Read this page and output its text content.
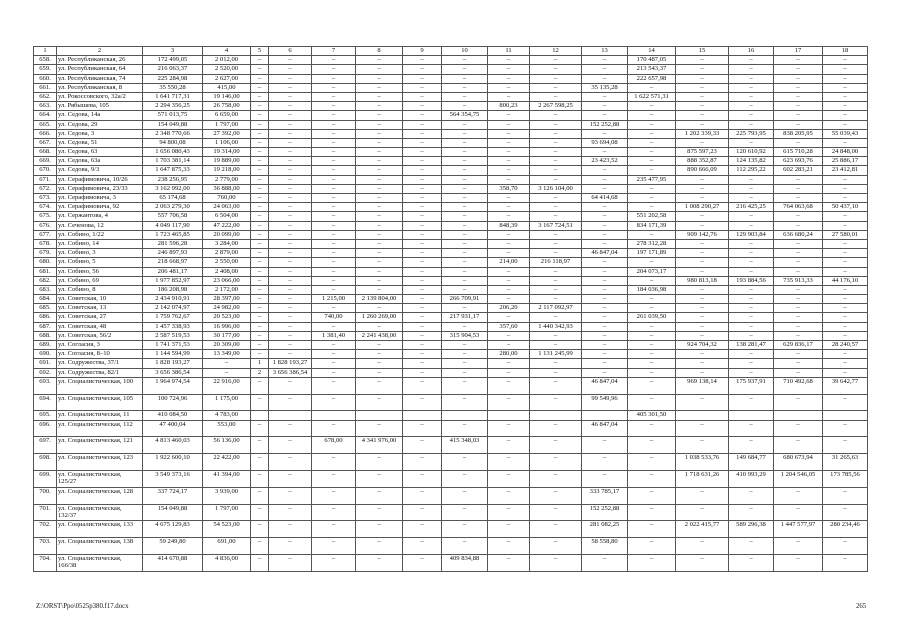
1	2	3	4	5	6	7	8	9	10	11	12	13	14	15	16	17	18
658.	ул. Республиканская, 26	172 499,05	2 012,00	–	–	–	–	–	–	–	–	–	170 487,05	–	–	–	–
659.	ул. Республиканская, 64	216 063,37	2 520,00	–	–	–	–	–	–	–	–	–	213 543,37	–	–	–	–
660.	ул. Республиканская, 74	225 284,98	2 627,00	–	–	–	–	–	–	–	–	–	222 657,98	–	–	–	–
661.	ул. Республиканская, 8	35 550,28	415,00	–	–	–	–	–	–	–	–	35 135,28	–	–	–	–	–
662.	ул. Рокоссовского, 32а/2	1 641 717,31	19 146,00	–	–	–	–	–	–	–	–	–	1 622 571,31	–	–	–	–
663.	ул. Рябышева, 105	2 294 356,25	26 758,00	–	–	–	–	–	–	800,23	2 267 598,25	–	–	–	–	–	–
664.	ул. Седова, 14а	571 013,75	6 659,00	–	–	–	–	–	564 354,75	–	–	–	–	–	–	–	–
665.	ул. Седова, 29	154 049,88	1 797,00	–	–	–	–	–	–	–	–	152 252,88	–	–	–	–	–
666.	ул. Седова, 3	2 348 770,66	27 392,00	–	–	–	–	–	–	–	–	–	–	1 202 339,33	225 793,95	838 205,95	55 039,43
667.	ул. Седова, 51	94 800,08	1 106,00	–	–	–	–	–	–	–	–	93 694,08	–	–	–	–	–
668.	ул. Седова, 63	1 656 080,43	19 314,00	–	–	–	–	–	–	–	–	–	–	875 597,23	120 610,92	615 710,28	24 848,00
669.	ул. Седова, 63а	1 703 381,14	19 889,00	–	–	–	–	–	–	–	–	23 423,52	–	888 352,87	124 135,82	623 693,76	25 886,17
670.	ул. Седова, 9/3	1 647 875,33	19 218,00	–	–	–	–	–	–	–	–	–	–	890 666,09	112 295,22	602 283,21	23 412,81
671.	ул. Серафимовича, 10/26	238 256,95	2 779,00	–	–	–	–	–	–	–	–	–	235 477,95	–	–	–	–
672.	ул. Серафимовича, 23/33	3 162 992,00	36 888,00	–	–	–	–	–	–	358,70	3 126 104,00	–	–	–	–	–	–
673.	ул. Серафимовича, 3	65 174,68	760,00	–	–	–	–	–	–	–	–	64 414,68	–	–	–	–	–
674.	ул. Серафимовича, 92	2 063 279,30	24 063,00	–	–	–	–	–	–	–	–	–	–	1 008 290,27	216 425,25	764 063,68	50 437,10
675.	ул. Сержантова, 4	557 706,58	6 504,00	–	–	–	–	–	–	–	–	–	551 202,58	–	–	–	–
676.	ул. Сеченова, 12	4 049 117,90	47 222,00	–	–	–	–	–	–	848,39	3 167 724,51	–	834 171,39	–	–	–	–
677.	ул. Собино, 1/22	1 723 465,85	20 099,00	–	–	–	–	–	–	–	–	–	–	909 142,76	129 903,84	636 680,24	27 580,01
678.	ул. Собино, 14	281 596,28	3 284,00	–	–	–	–	–	–	–	–	–	278 312,28	–	–	–	–
679.	ул. Собино, 3	246 897,93	2 879,00	–	–	–	–	–	–	–	–	46 847,04	197 171,89	–	–	–	–
680.	ул. Собино, 5	218 668,97	2 550,00	–	–	–	–	–	–	214,00	216 118,97	–	–	–	–	–	–
681.	ул. Собино, 56	206 481,17	2 408,00	–	–	–	–	–	–	–	–	–	204 073,17	–	–	–	–
682.	ул. Собино, 69	1 977 852,97	23 066,00	–	–	–	–	–	–	–	–	–	–	980 813,18	193 884,56	735 913,33	44 176,10
683.	ул. Собино, 8	186 208,98	2 172,00	–	–	–	–	–	–	–	–	–	184 036,98	–	–	–	–
684.	ул. Советская, 10	2 434 910,91	28 397,00	–	–	1 215,00	2 139 804,00	–	266 709,91	–	–	–	–	–	–	–	–
685.	ул. Советская, 13	2 142 074,97	24 982,00	–	–	–	–	–	–	206,20	2 117 092,97	–	–	–	–	–	–
686.	ул. Советская, 27	1 759 762,67	20 523,00	–	–	740,00	1 260 269,00	–	217 931,17	–	–	–	261 039,50	–	–	–	–
687.	ул. Советская, 48	1 457 338,93	16 996,00	–	–	–	–	–	–	357,60	1 440 342,93	–	–	–	–	–	–
688.	ул. Советская, 56/2	2 587 519,53	30 177,00	–	–	1 381,40	2 241 438,00	–	315 904,53	–	–	–	–	–	–	–	–
689.	ул. Согласия, 3	1 741 371,53	20 309,00	–	–	–	–	–	–	–	–	–	–	924 704,32	138 281,47	629 836,17	28 240,57
690.	ул. Согласия, 8–10	1 144 594,99	13 349,00	–	–	–	–	–	–	280,00	1 131 245,99	–	–	–	–	–	–
691.	ул. Содружества, 37/1	1 828 193,27	–	1	1 828 193,27	–	–	–	–	–	–	–	–	–	–	–	–
692.	ул. Содружества, 82/1	3 656 386,54	–	2	3 656 386,54	–	–	–	–	–	–	–	–	–	–	–	–
693.	ул. Социалистическая, 100	1 964 974,54	22 916,00	–	–	–	–	–	–	–	–	46 847,04	–	969 138,14	175 937,91	710 492,68	39 642,77
694.	ул. Социалистическая, 105	100 724,96	1 175,00	–	–	–	–	–	–	–	–	99 549,96	–	–	–	–	–
695.	ул. Социалистическая, 11	410 084,50	4 783,00										405 301,50				
696.	ул. Социалистическая, 112	47 400,04	553,00	–	–	–	–	–	–	–	–	46 847,04	–	–	–	–	–
697.	ул. Социалистическая, 121	4 813 460,03	56 136,00	–	–	678,00	4 341 976,00	–	415 348,03	–	–	–	–	–	–	–	–
698.	ул. Социалистическая, 123	1 922 600,10	22 422,00	–	–	–	–	–	–	–	–	–	–	1 038 533,76	149 684,77	680 673,94	31 265,63
699.	ул. Социалистическая, 125/27	3 549 373,16	41 394,00	–	–	–	–	–	–	–	–	–	–	1 718 631,26	410 993,29	1 204 546,05	173 785,56
700.	ул. Социалистическая, 128	337 724,17	3 939,00	–	–	–	–	–	–	–	–	333 785,17	–	–	–	–	–
701.	ул. Социалистическая, 132/37	154 049,88	1 797,00	–	–	–	–	–	–	–	–	152 252,88	–	–	–	–	–
702.	ул. Социалистическая, 133	4 675 129,83	54 523,00	–	–	–	–	–	–	–	–	281 082,25	–	2 022 415,77	589 296,38	1 447 577,97	280 234,46
703.	ул. Социалистическая, 138	59 249,80	691,00	–	–	–	–	–	–	–	–	58 558,80	–	–	–	–	–
704.	ул. Социалистическая, 166/38	414 670,88	4 836,00	–	–	–	–	–	409 834,88	–	–	–	–	–	–	–	–
Z:\ORST\Ppo\0525p380.f17.docx	265
